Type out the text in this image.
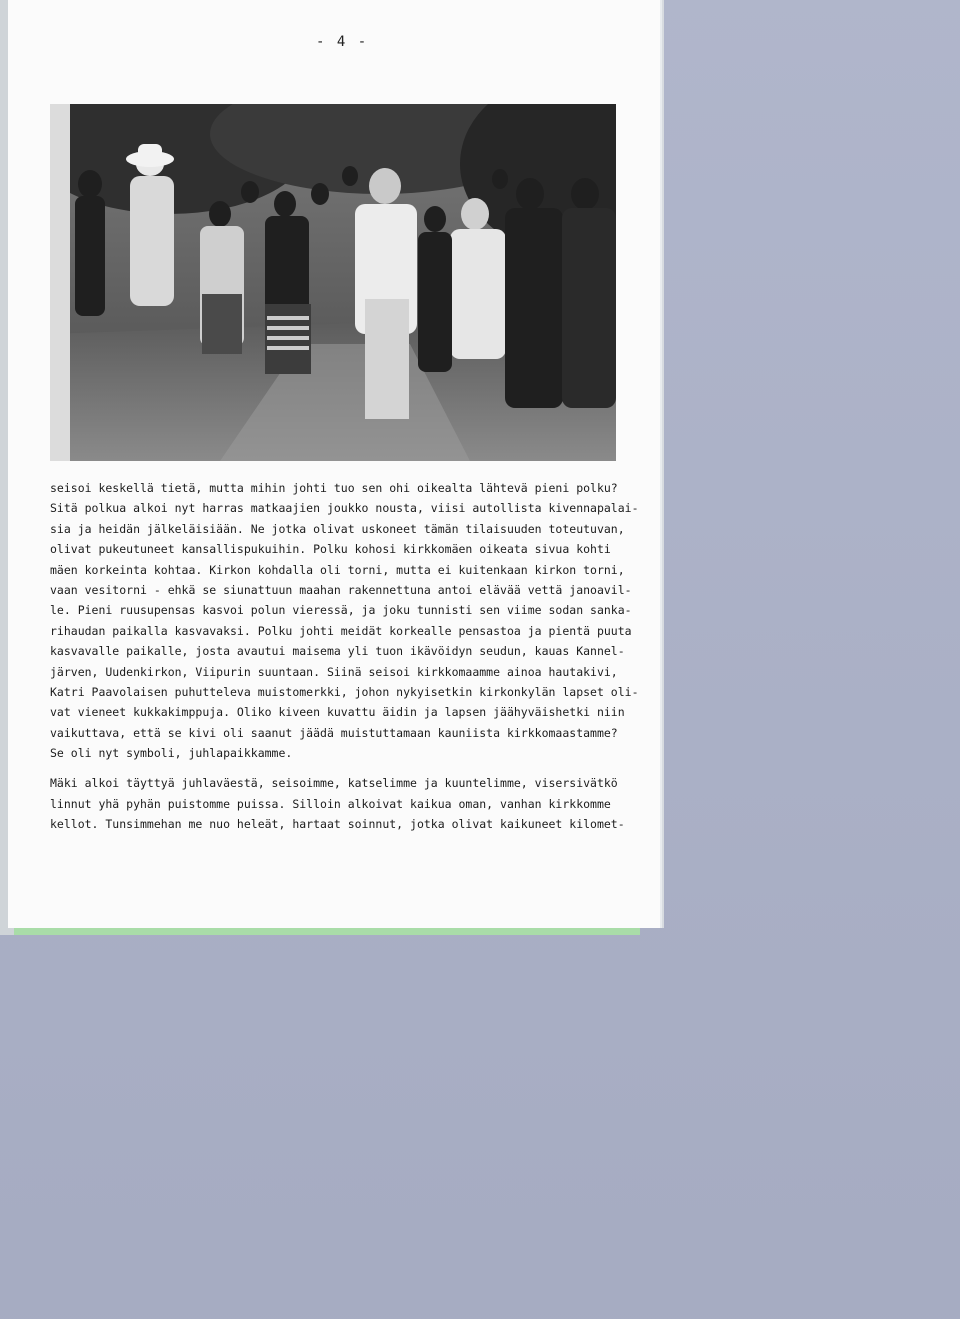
- 4 -
seisoi keskellä tietä, mutta mihin johti tuo sen ohi oikealta lähtevä pieni polku?
Sitä polkua alkoi nyt harras matkaajien joukko nousta, viisi autollista kivennapalai-
sia ja heidän jälkeläisiään. Ne jotka olivat uskoneet tämän tilaisuuden toteutuvan,
olivat pukeutuneet kansallispukuihin. Polku kohosi kirkkomäen oikeata sivua kohti
mäen korkeinta kohtaa. Kirkon kohdalla oli torni, mutta ei kuitenkaan kirkon torni,
vaan vesitorni - ehkä se siunattuun maahan rakennettuna antoi elävää vettä janoavil-
le. Pieni ruusupensas kasvoi polun vieressä, ja joku tunnisti sen viime sodan sanka-
rihaudan paikalla kasvavaksi. Polku johti meidät korkealle pensastoa ja pientä puuta
kasvavalle paikalle, josta avautui maisema yli tuon ikävöidyn seudun, kauas Kannel-
järven, Uudenkirkon, Viipurin suuntaan. Siinä seisoi kirkkomaamme ainoa hautakivi,
Katri Paavolaisen puhutteleva muistomerkki, johon nykyisetkin kirkonkylän lapset oli-
vat vieneet kukkakimppuja. Oliko kiveen kuvattu äidin ja lapsen jäähyväishetki niin
vaikuttava, että se kivi oli saanut jäädä muistuttamaan kauniista kirkkomaastamme?
Se oli nyt symboli, juhlapaikkamme.
Mäki alkoi täyttyä juhlaväestä, seisoimme, katselimme ja kuuntelimme, visersivätkö
linnut yhä pyhän puistomme puissa. Silloin alkoivat kaikua oman, vanhan kirkkomme
kellot. Tunsimmehan me nuo heleät, hartaat soinnut, jotka olivat kaikuneet kilomet-
